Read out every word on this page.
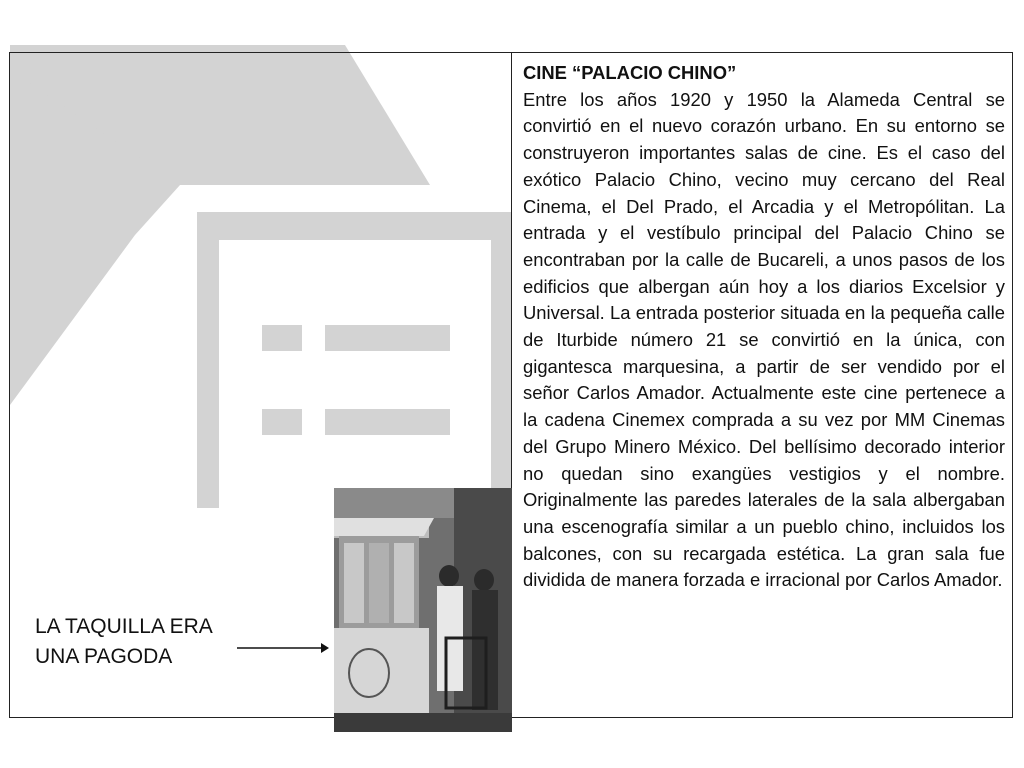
CINE “PALACIO CHINO”
Entre los años 1920 y 1950 la Alameda Central se convirtió en el nuevo corazón urbano. En su entorno se construyeron importantes salas de cine. Es el caso del exótico Palacio Chino, vecino muy cercano del Real Cinema, el Del Prado, el Arcadia y el Metropólitan. La entrada y el vestíbulo principal del Palacio Chino se encontraban por la calle de Bucareli, a unos pasos de los edificios que albergan aún hoy a los diarios Excelsior y Universal. La entrada posterior situada en la pequeña calle de Iturbide número 21 se convirtió en la única, con gigantesca marquesina, a partir de ser vendido por el señor Carlos Amador. Actualmente este cine pertenece a la cadena Cinemex comprada a su vez por MM Cinemas del Grupo Minero México. Del bellísimo decorado interior no quedan sino exangües vestigios y el nombre. Originalmente las paredes laterales de la sala albergaban una escenografía similar a un pueblo chino, incluidos los balcones, con su recargada estética. La gran sala fue dividida de manera forzada e irracional por Carlos Amador.
LA TAQUILLA ERA
UNA PAGODA
